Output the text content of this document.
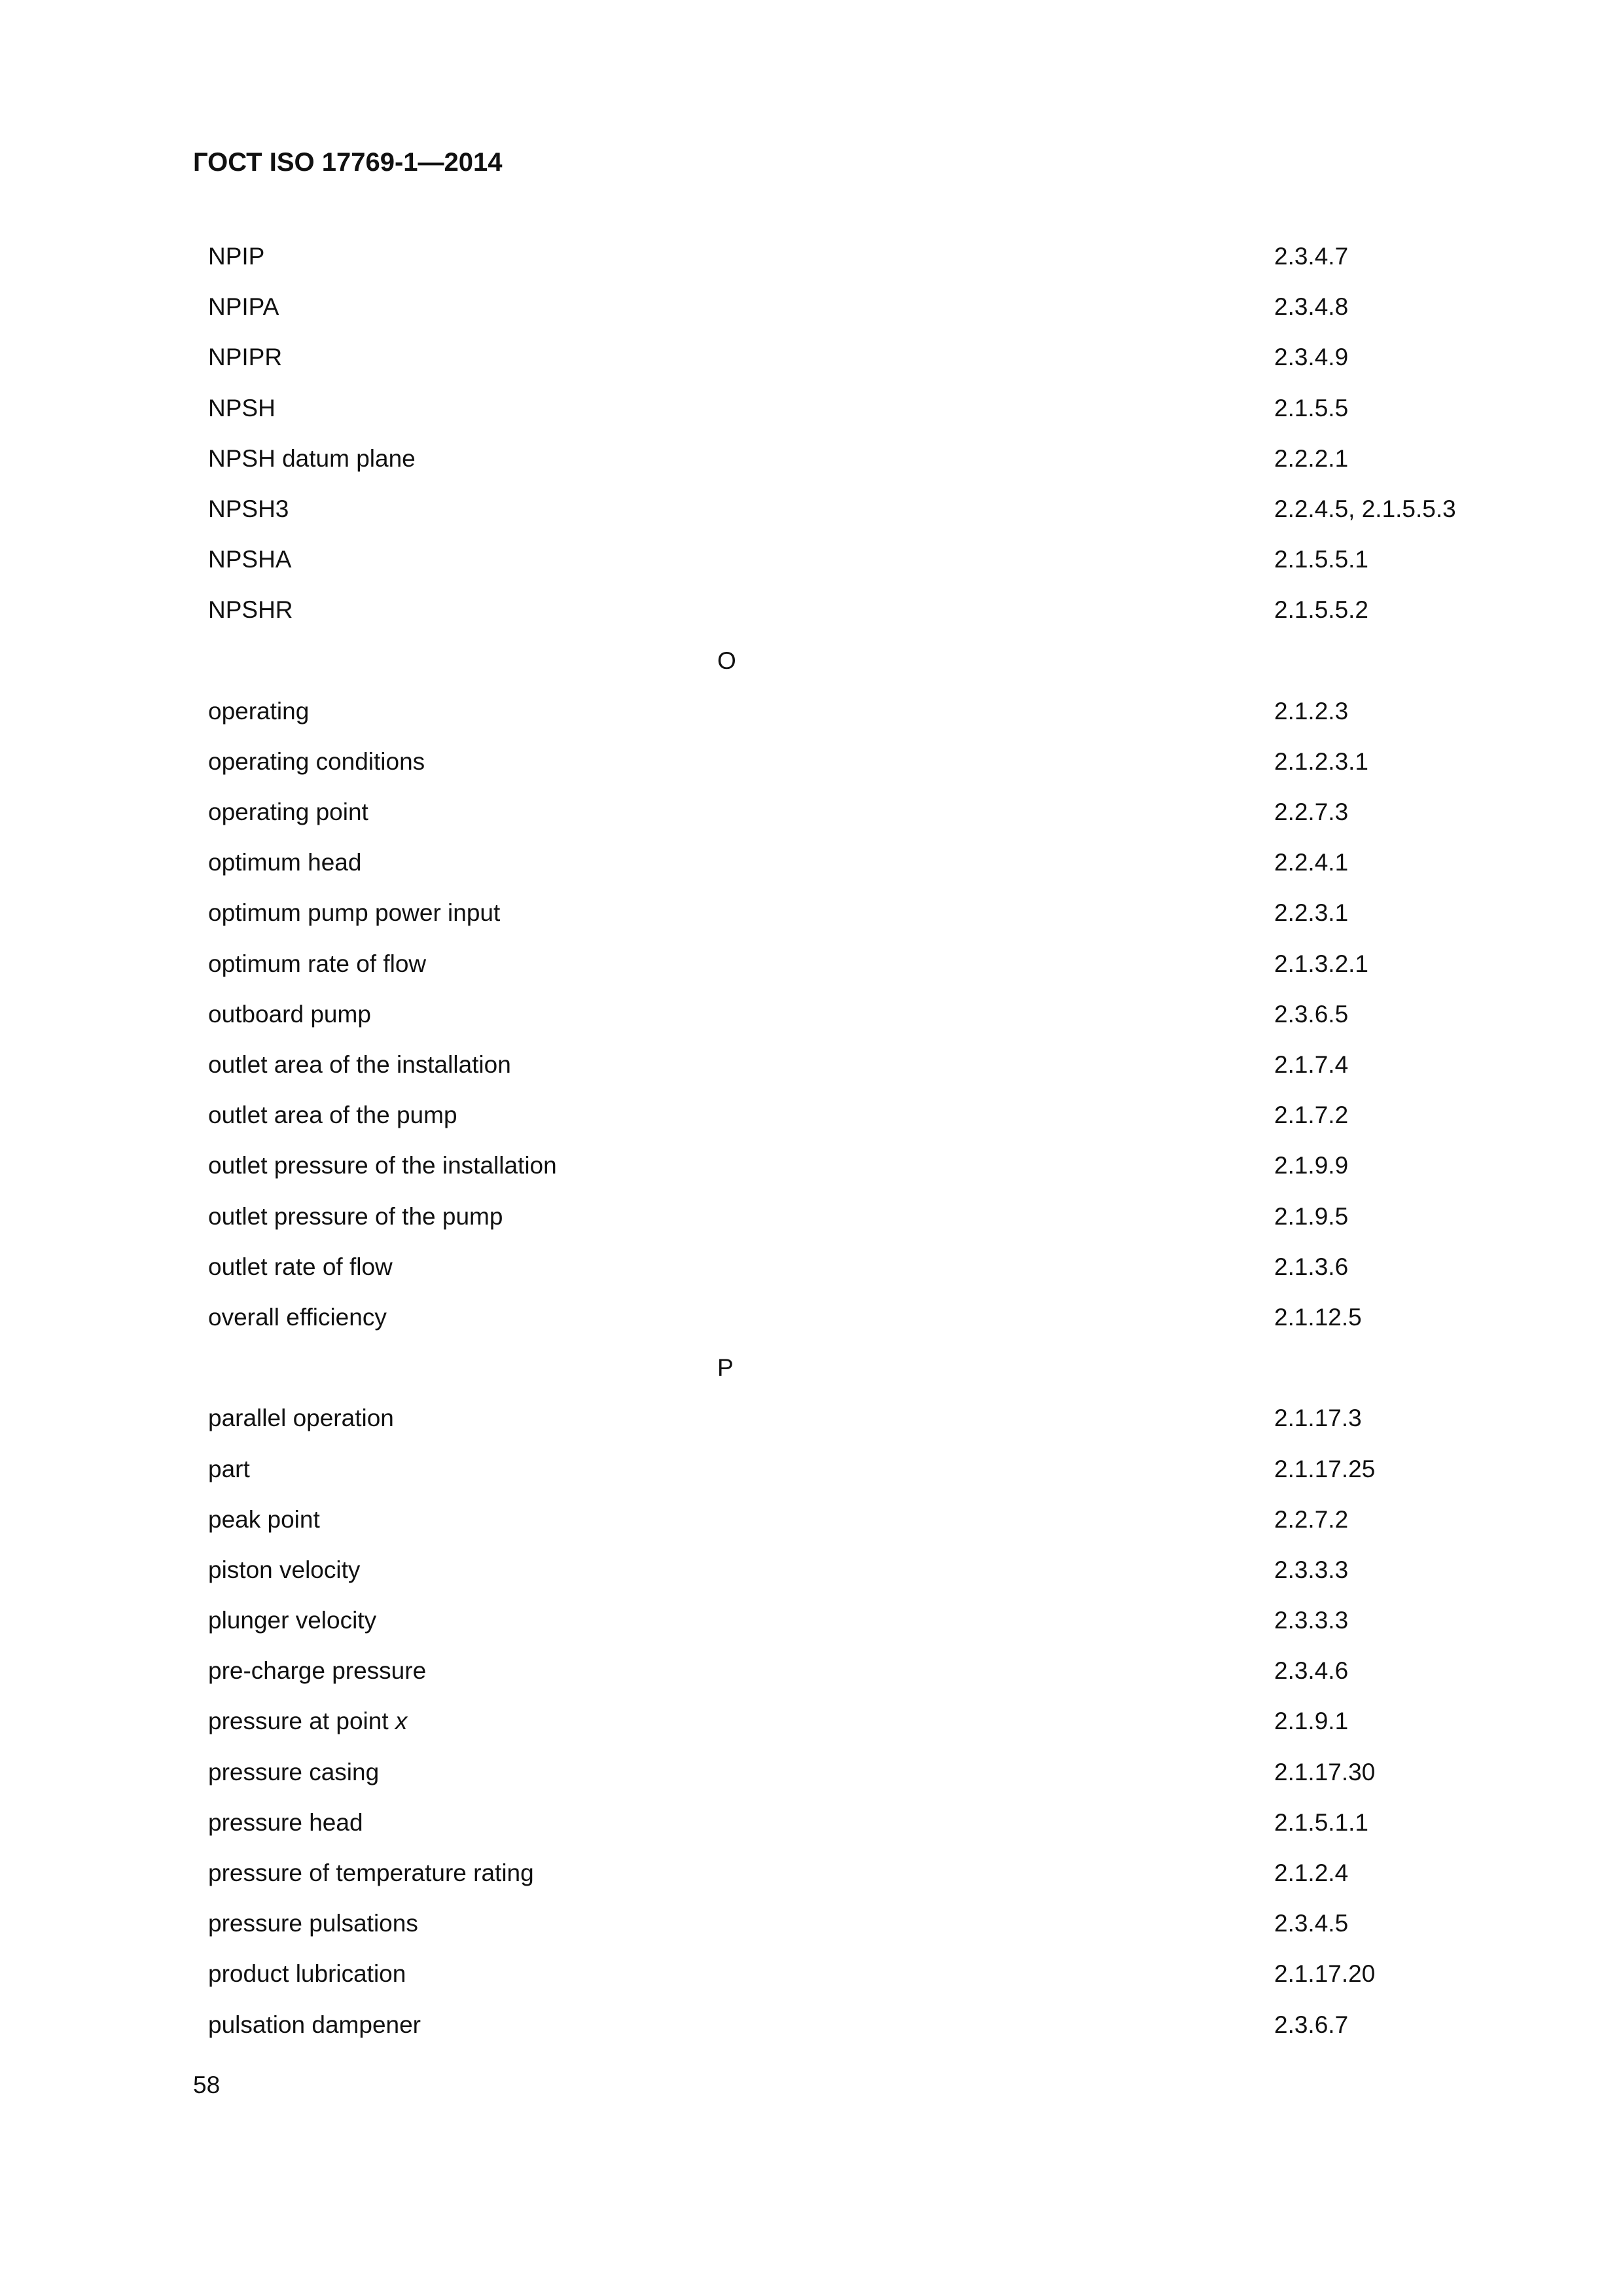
ГОСТ ISO 17769-1—2014
NPIP	2.3.4.7
NPIPA	2.3.4.8
NPIPR	2.3.4.9
NPSH	2.1.5.5
NPSH datum plane	2.2.2.1
NPSH3	2.2.4.5, 2.1.5.5.3
NPSHA	2.1.5.5.1
NPSHR	2.1.5.5.2
O
operating	2.1.2.3
operating conditions	2.1.2.3.1
operating point	2.2.7.3
optimum head	2.2.4.1
optimum pump power input	2.2.3.1
optimum rate of flow	2.1.3.2.1
outboard pump	2.3.6.5
outlet area of the installation	2.1.7.4
outlet area of the pump	2.1.7.2
outlet pressure of the installation	2.1.9.9
outlet pressure of the pump	2.1.9.5
outlet rate of flow	2.1.3.6
overall efficiency	2.1.12.5
P
parallel operation	2.1.17.3
part	2.1.17.25
peak point	2.2.7.2
piston velocity	2.3.3.3
plunger velocity	2.3.3.3
pre-charge pressure	2.3.4.6
pressure at point x	2.1.9.1
pressure casing	2.1.17.30
pressure head	2.1.5.1.1
pressure of temperature rating	2.1.2.4
pressure pulsations	2.3.4.5
product lubrication	2.1.17.20
pulsation dampener	2.3.6.7
58
